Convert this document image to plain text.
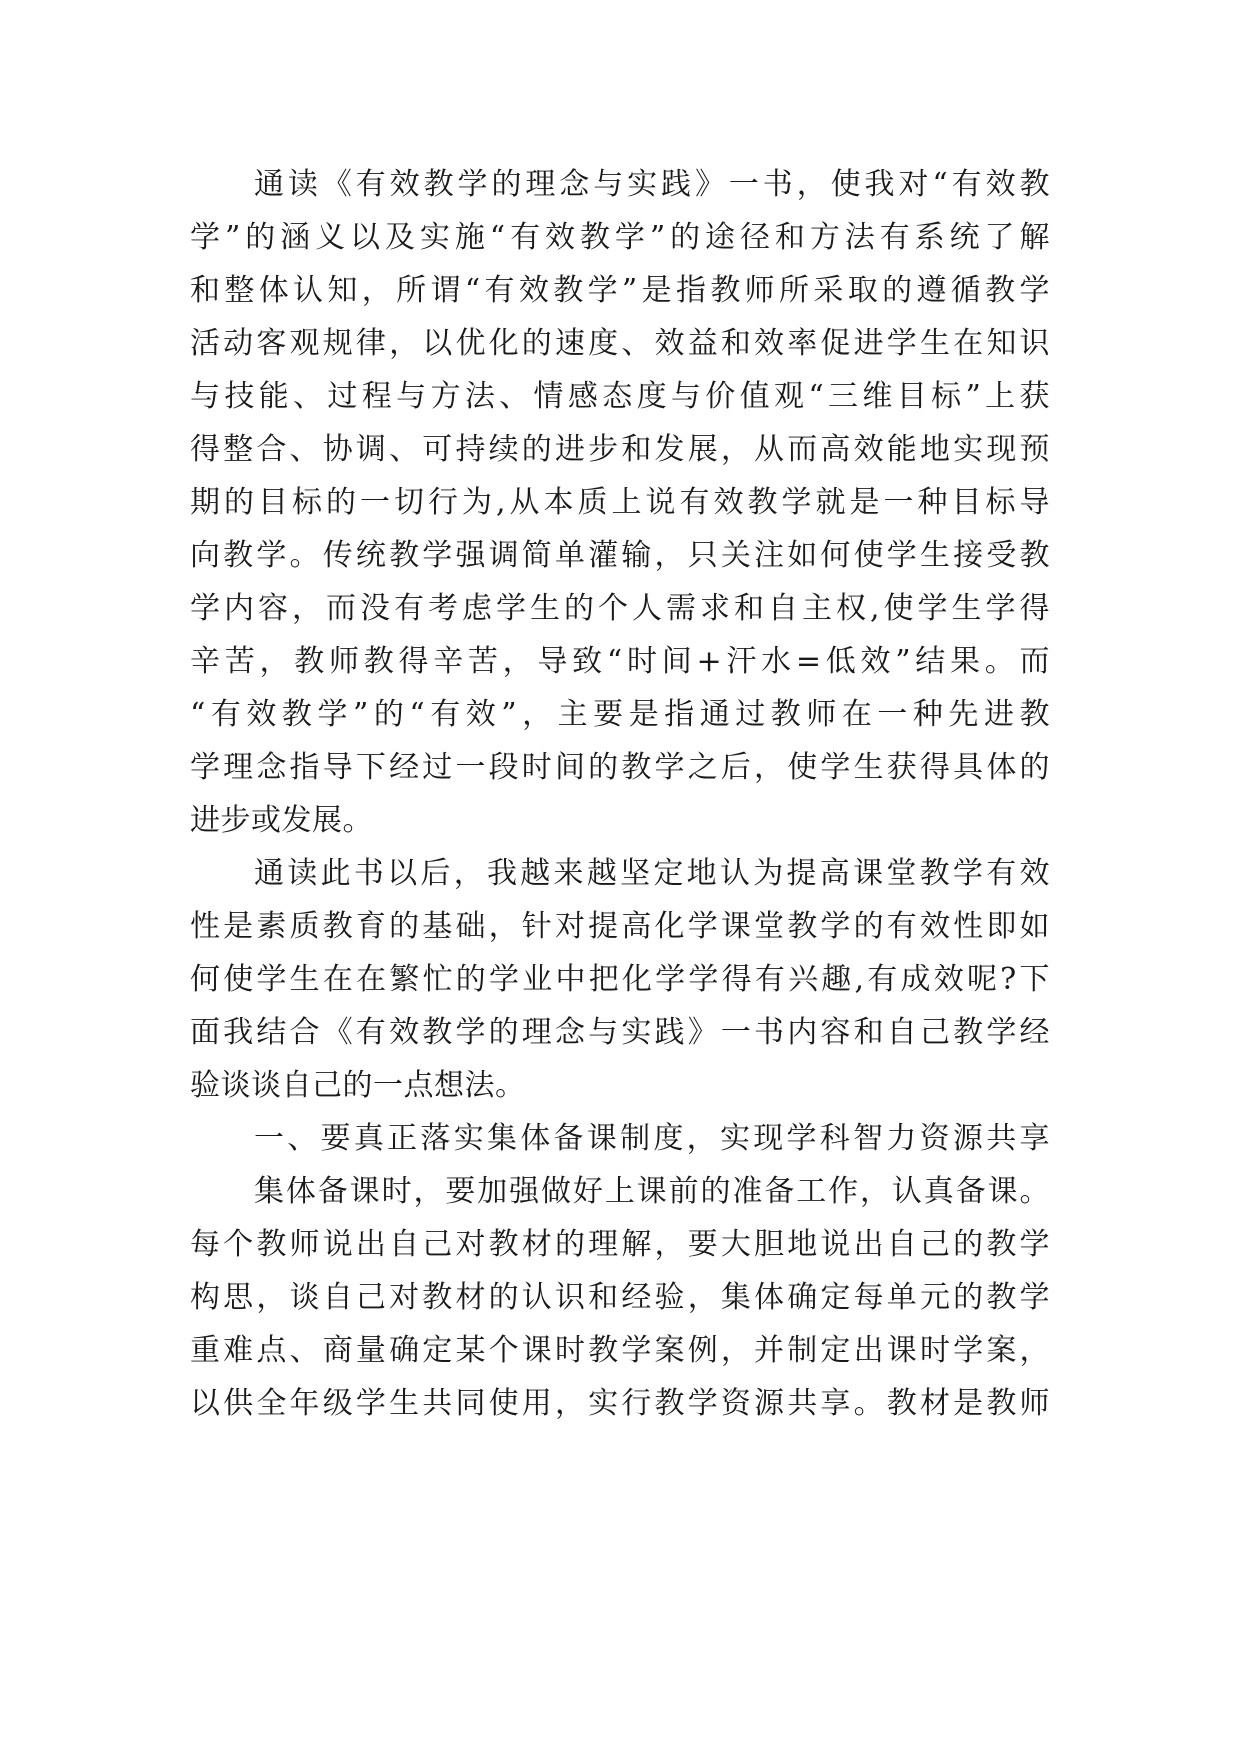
通读《有效教学的理念与实践》一书，使我对“有效教
学”的涵义以及实施“有效教学”的途径和方法有系统了解
和整体认知，所谓“有效教学”是指教师所采取的遵循教学
活动客观规律，以优化的速度、效益和效率促进学生在知识
与技能、过程与方法、情感态度与价值观“三维目标”上获
得整合、协调、可持续的进步和发展，从而高效能地实现预
期的目标的一切行为,从本质上说有效教学就是一种目标导
向教学。传统教学强调简单灌输，只关注如何使学生接受教
学内容，而没有考虑学生的个人需求和自主权,使学生学得
辛苦，教师教得辛苦，导致“时间+汗水=低效”结果。而
“有效教学”的“有效”，主要是指通过教师在一种先进教
学理念指导下经过一段时间的教学之后，使学生获得具体的
进步或发展。
通读此书以后，我越来越坚定地认为提高课堂教学有效
性是素质教育的基础，针对提高化学课堂教学的有效性即如
何使学生在在繁忙的学业中把化学学得有兴趣,有成效呢?下
面我结合《有效教学的理念与实践》一书内容和自己教学经
验谈谈自己的一点想法。
一、要真正落实集体备课制度，实现学科智力资源共享
集体备课时，要加强做好上课前的准备工作，认真备课。
每个教师说出自己对教材的理解，要大胆地说出自己的教学
构思，谈自己对教材的认识和经验，集体确定每单元的教学
重难点、商量确定某个课时教学案例，并制定出课时学案，
以供全年级学生共同使用，实行教学资源共享。教材是教师
